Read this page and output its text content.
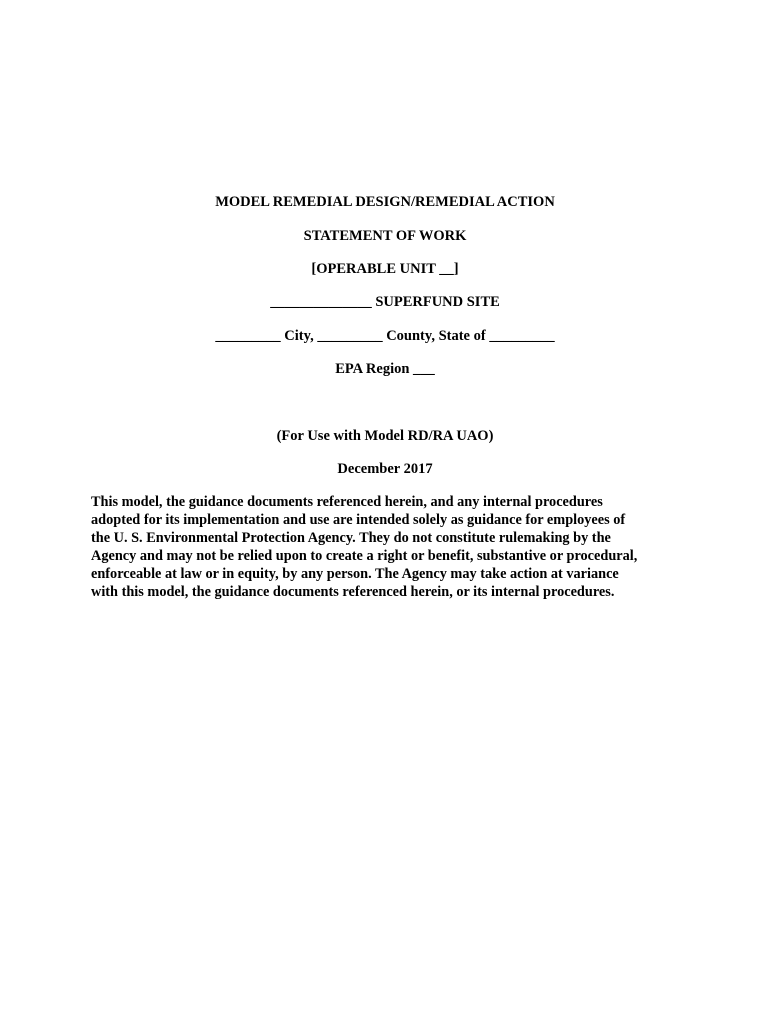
MODEL REMEDIAL DESIGN/REMEDIAL ACTION
STATEMENT OF WORK
[OPERABLE UNIT __]
______________ SUPERFUND SITE
_________ City, _________ County, State of _________
EPA Region ___
(For Use with Model RD/RA UAO)
December 2017
This model, the guidance documents referenced herein, and any internal procedures
adopted for its implementation and use are intended solely as guidance for employees of
the U. S. Environmental Protection Agency. They do not constitute rulemaking by the
Agency and may not be relied upon to create a right or benefit, substantive or procedural,
enforceable at law or in equity, by any person. The Agency may take action at variance
with this model, the guidance documents referenced herein, or its internal procedures.
